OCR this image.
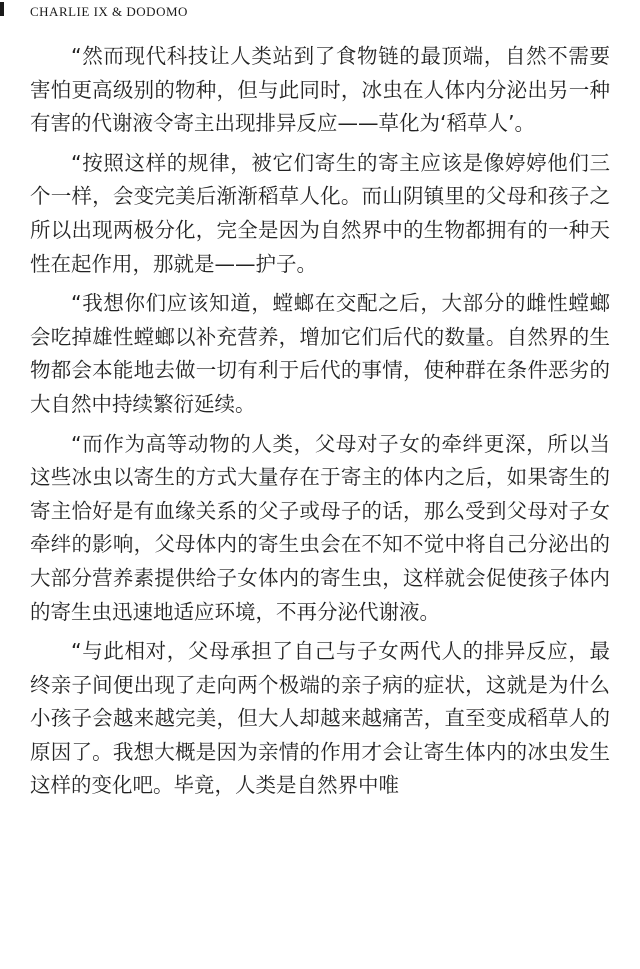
CHARLIE IX & DODOMO

“然而现代科技让人类站到了食物链的最顶端，自然不需要害怕更高级别的物种，但与此同时，冰虫在人体内分泌出另一种有害的代谢液令寄主出现排异反应——草化为‘稻草人’。

“按照这样的规律，被它们寄生的寄主应该是像婷婷他们三个一样，会变完美后渐渐稻草人化。而山阴镇里的父母和孩子之所以出现两极分化，完全是因为自然界中的生物都拥有的一种天性在起作用，那就是——护子。

“我想你们应该知道，螳螂在交配之后，大部分的雌性螳螂会吃掉雄性螳螂以补充营养，增加它们后代的数量。自然界的生物都会本能地去做一切有利于后代的事情，使种群在条件恶劣的大自然中持续繁衍延续。

“而作为高等动物的人类，父母对子女的牵绊更深，所以当这些冰虫以寄生的方式大量存在于寄主的体内之后，如果寄生的寄主恰好是有血缘关系的父子或母子的话，那么受到父母对子女牵绊的影响，父母体内的寄生虫会在不知不觉中将自己分泌出的大部分营养素提供给子女体内的寄生虫，这样就会促使孩子体内的寄生虫迅速地适应环境，不再分泌代谢液。

“与此相对，父母承担了自己与子女两代人的排异反应，最终亲子间便出现了走向两个极端的亲子病的症状，这就是为什么小孩子会越来越完美，但大人却越来越痛苦，直至变成稻草人的原因了。我想大概是因为亲情的作用才会让寄生体内的冰虫发生这样的变化吧。毕竟，人类是自然界中唯
